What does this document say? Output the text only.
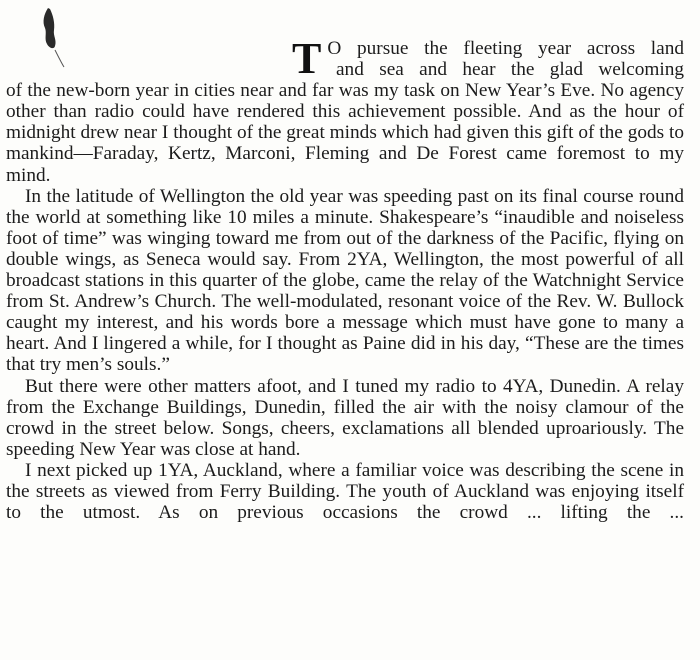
T O pursue the fleeting year across land
and sea and hear the glad welcoming

of the new-born year in cities near and far was my task on New Year’s Eve. No agency other than radio could have rendered this achievement possible. And as the hour of midnight drew near I thought of the great minds which had given this gift of the gods to mankind—Faraday, Kertz, Marconi, Fleming and De Forest came foremost to my mind.

In the latitude of Wellington the old year was speeding past on its final course round the world at something like 10 miles a minute. Shakespeare’s “inaudible and noiseless foot of time” was winging toward me from out of the darkness of the Pacific, flying on double wings, as Seneca would say. From 2YA, Wellington, the most powerful of all broadcast stations in this quarter of the globe, came the relay of the Watchnight Service from St. Andrew’s Church. The well-modulated, resonant voice of the Rev. W. Bullock caught my interest, and his words bore a message which must have gone to many a heart. And I lingered a while, for I thought as Paine did in his day, “These are the times that try men’s souls.”

But there were other matters afoot, and I tuned my radio to 4YA, Dunedin. A relay from the Exchange Buildings, Dunedin, filled the air with the noisy clamour of the crowd in the street below. Songs, cheers, exclamations all blended uproariously. The speeding New Year was close at hand.

I next picked up 1YA, Auckland, where a familiar voice was describing the scene in the streets as viewed from Ferry Building. The youth of Auckland was enjoying itself to the utmost. As on previous occasions the crowd ... lifting the ...
